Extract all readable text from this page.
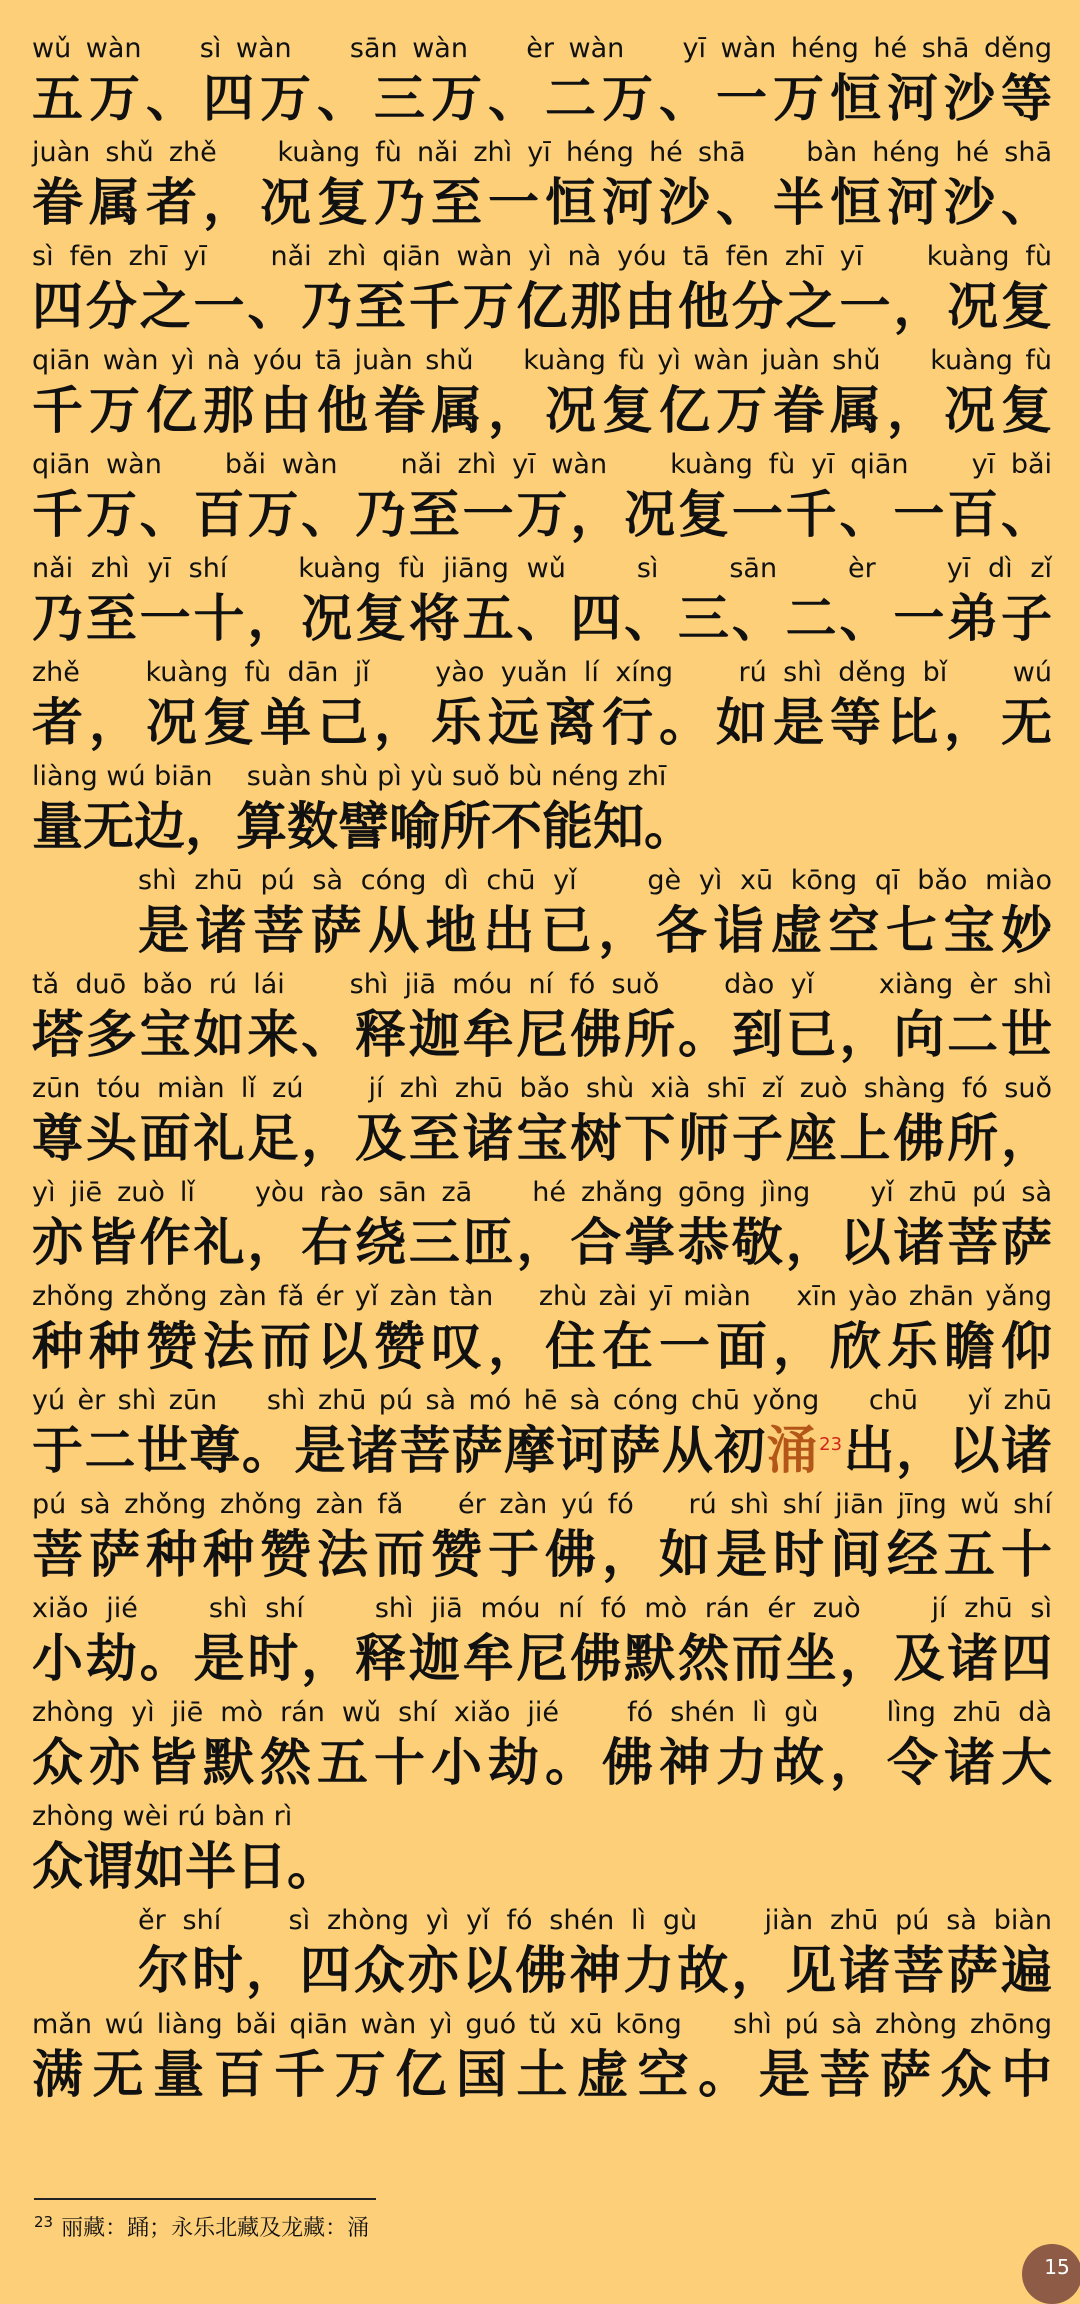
wǔ wàn    sì wàn    sān wàn    èr wàn    yī wàn héng hé shā děng
五万、四万、三万、二万、一万恒河沙等
juàn shǔ zhě    kuàng fù nǎi zhì yī héng hé shā    bàn héng hé shā
眷属者，况复乃至一恒河沙、半恒河沙、
sì fēn zhī yī    nǎi zhì qiān wàn yì nà yóu tā fēn zhī yī    kuàng fù
四分之一、乃至千万亿那由他分之一，况复
qiān wàn yì nà yóu tā juàn shǔ    kuàng fù yì wàn juàn shǔ    kuàng fù
千万亿那由他眷属，况复亿万眷属，况复
qiān wàn    bǎi wàn    nǎi zhì yī wàn    kuàng fù yī qiān    yī bǎi
千万、百万、乃至一万，况复一千、一百、
nǎi zhì yī shí    kuàng fù jiāng wǔ    sì    sān    èr    yī dì zǐ
乃至一十，况复将五、四、三、二、一弟子
zhě    kuàng fù dān jǐ    yào yuǎn lí xíng    rú shì děng bǐ    wú
者，况复单己，乐远离行。如是等比，无
liàng wú biān    suàn shù pì yù suǒ bù néng zhī
量无边，算数譬喻所不能知。
shì zhū pú sà cóng dì chū yǐ    gè yì xū kōng qī bǎo miào
是诸菩萨从地出已，各诣虚空七宝妙
tǎ duō bǎo rú lái    shì jiā móu ní fó suǒ    dào yǐ    xiàng èr shì
塔多宝如来、释迦牟尼佛所。到已，向二世
zūn tóu miàn lǐ zú    jí zhì zhū bǎo shù xià shī zǐ zuò shàng fó suǒ
尊头面礼足，及至诸宝树下师子座上佛所，
yì jiē zuò lǐ    yòu rào sān zā    hé zhǎng gōng jìng    yǐ zhū pú sà
亦皆作礼，右绕三匝，合掌恭敬，以诸菩萨
zhǒng zhǒng zàn fǎ ér yǐ zàn tàn    zhù zài yī miàn    xīn yào zhān yǎng
种种赞法而以赞叹，住在一面，欣乐瞻仰
yú èr shì zūn    shì zhū pú sà mó hē sà cóng chū yǒng    chū    yǐ zhū
于二世尊。是诸菩萨摩诃萨从初涌$^{23}$出，以诸
pú sà zhǒng zhǒng zàn fǎ    ér zàn yú fó    rú shì shí jiān jīng wǔ shí
菩萨种种赞法而赞于佛，如是时间经五十
xiǎo jié    shì shí    shì jiā móu ní fó mò rán ér zuò    jí zhū sì
小劫。是时，释迦牟尼佛默然而坐，及诸四
zhòng yì jiē mò rán wǔ shí xiǎo jié    fó shén lì gù    lìng zhū dà
众亦皆默然五十小劫。佛神力故，令诸大
zhòng wèi rú bàn rì
众谓如半日。
ěr shí    sì zhòng yì yǐ fó shén lì gù    jiàn zhū pú sà biàn
尔时，四众亦以佛神力故，见诸菩萨遍
mǎn wú liàng bǎi qiān wàn yì guó tǔ xū kōng    shì pú sà zhòng zhōng
满无量百千万亿国土虚空。是菩萨众中
$^{23}$ 丽藏：踊；永乐北藏及龙藏：涌
15
